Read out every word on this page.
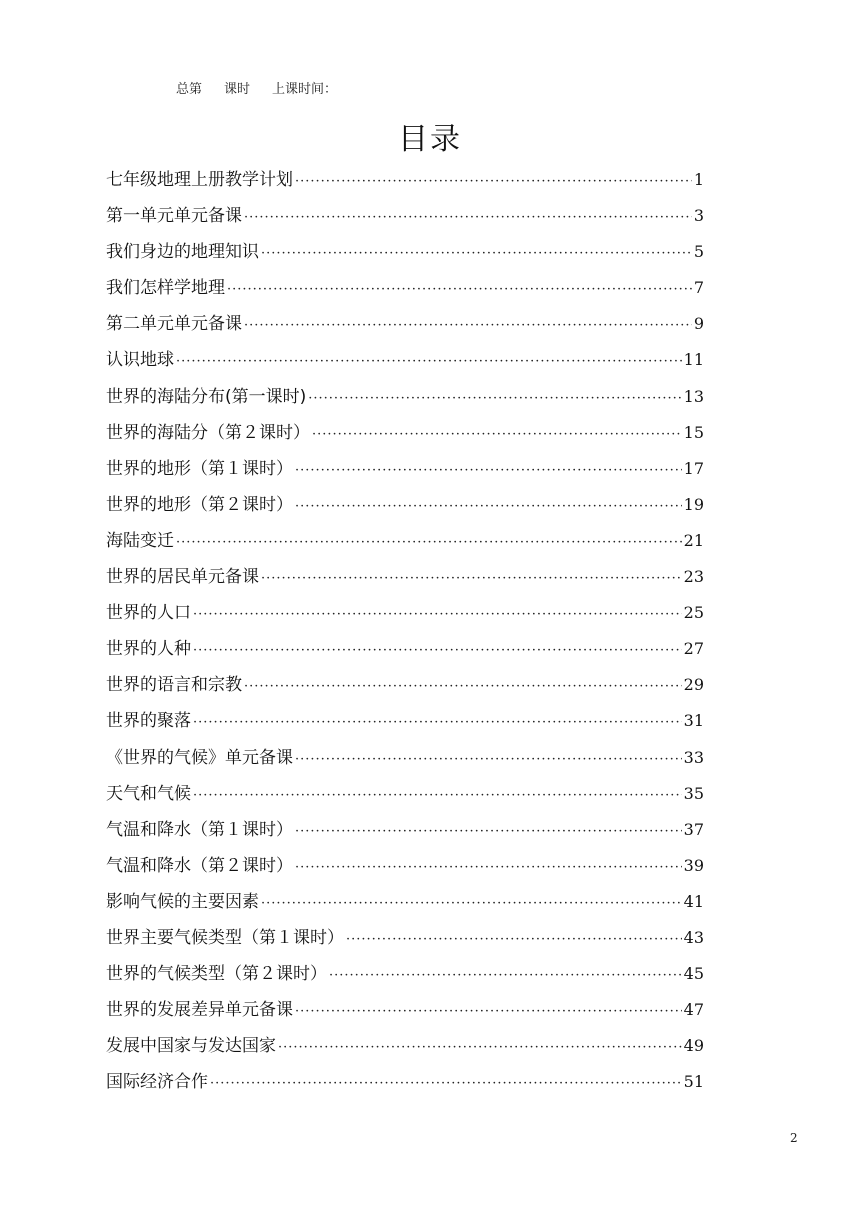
总第 课时 上课时间：
目录
七年级地理上册教学计划 ·····	1
第一单元单元备课 ·····	3
我们身边的地理知识 ·····	5
我们怎样学地理 ·····	7
第二单元单元备课 ·····	9
认识地球 ·····	11
世界的海陆分布(第一课时) ·····	13
世界的海陆分（第２课时） ·····	15
世界的地形（第１课时） ·····	17
世界的地形（第２课时） ·····	19
海陆变迁 ·····	21
世界的居民单元备课 ·····	23
世界的人口 ·····	25
世界的人种 ·····	27
世界的语言和宗教 ·····	29
世界的聚落 ·····	31
《世界的气候》单元备课 ·····	33
天气和气候 ·····	35
气温和降水（第１课时） ·····	37
气温和降水（第２课时） ·····	39
影响气候的主要因素 ·····	41
世界主要气候类型（第１课时） ·····	43
世界的气候类型（第２课时） ·····	45
世界的发展差异单元备课 ·····	47
发展中国家与发达国家 ·····	49
国际经济合作 ·····	51
2
